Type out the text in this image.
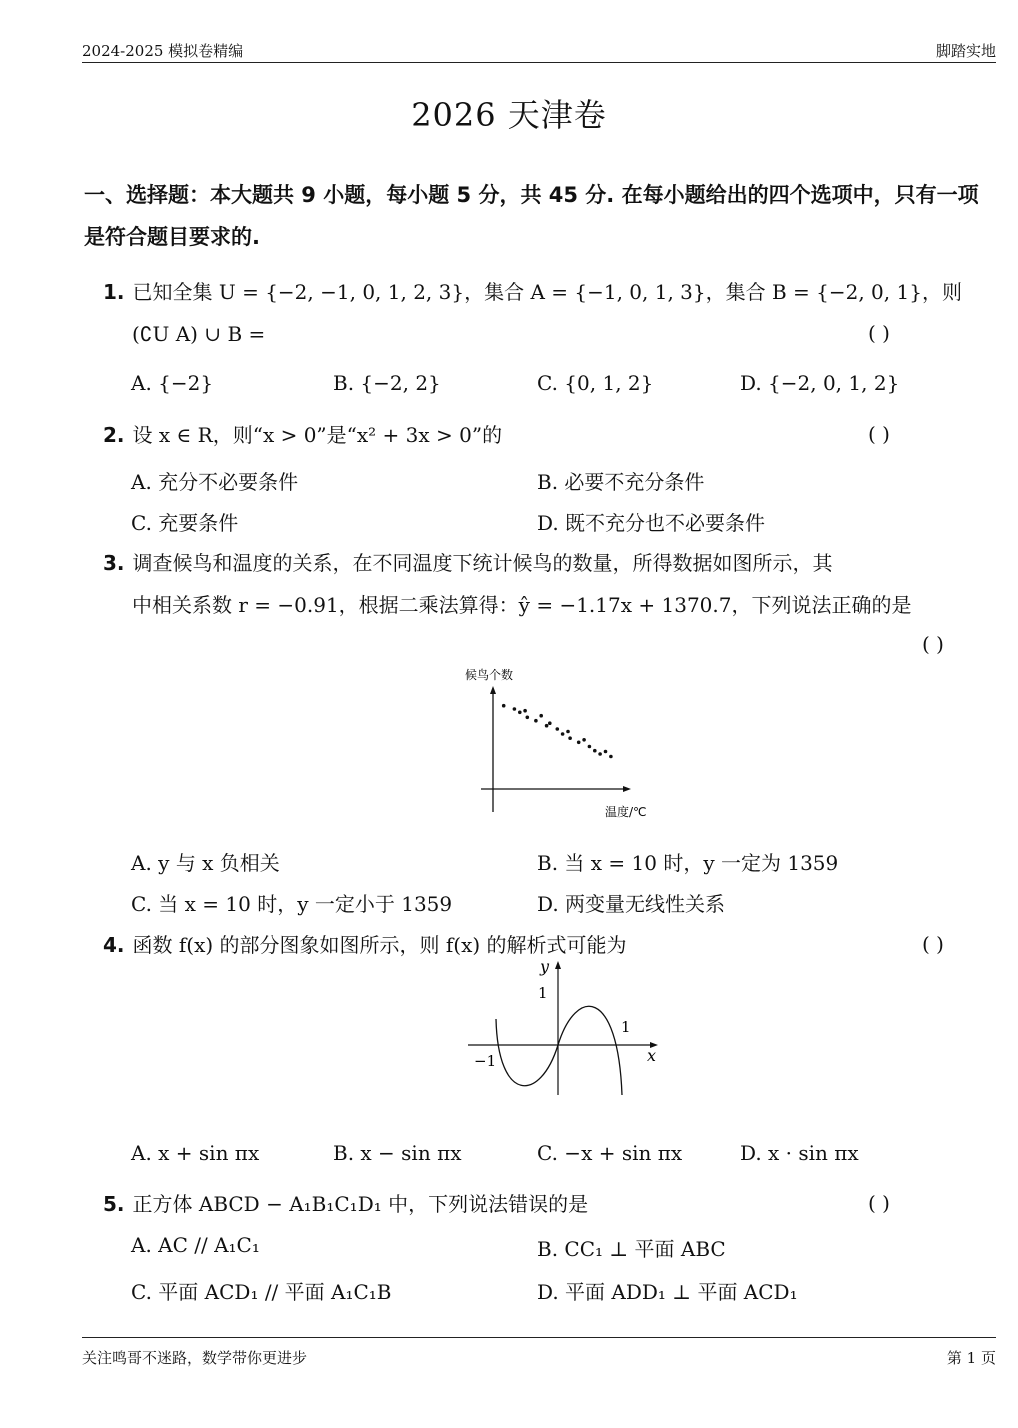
2024-2025 模拟卷精编	脚踏实地
2026 天津卷
一、选择题：本大题共 9 小题，每小题 5 分，共 45 分. 在每小题给出的四个选项中，只有一项是符合题目要求的.
1. 已知全集 U = {−2, −1, 0, 1, 2, 3}，集合 A = {−1, 0, 1, 3}，集合 B = {−2, 0, 1}，则
(∁U A) ∪ B =	( )
A. {−2}	B. {−2, 2}	C. {0, 1, 2}	D. {−2, 0, 1, 2}
2. 设 x ∈ R，则“x > 0”是“x² + 3x > 0”的	( )
A. 充分不必要条件	B. 必要不充分条件
C. 充要条件	D. 既不充分也不必要条件
3. 调查候鸟和温度的关系，在不同温度下统计候鸟的数量，所得数据如图所示，其
中相关系数 r = −0.91，根据二乘法算得：ŷ = −1.17x + 1370.7，下列说法正确的是
( )
候鸟个数
温度/℃
A. y 与 x 负相关	B. 当 x = 10 时，y 一定为 1359
C. 当 x = 10 时，y 一定小于 1359	D. 两变量无线性关系
4. 函数 f(x) 的部分图象如图所示，则 f(x) 的解析式可能为	( )
y
1
1
−1	x
A. x + sin πx	B. x − sin πx	C. −x + sin πx	D. x · sin πx
5. 正方体 ABCD − A₁B₁C₁D₁ 中，下列说法错误的是	( )
A. AC // A₁C₁	B. CC₁ ⊥ 平面 ABC
C. 平面 ACD₁ // 平面 A₁C₁B	D. 平面 ADD₁ ⊥ 平面 ACD₁
关注鸣哥不迷路，数学带你更进步	第 1 页
